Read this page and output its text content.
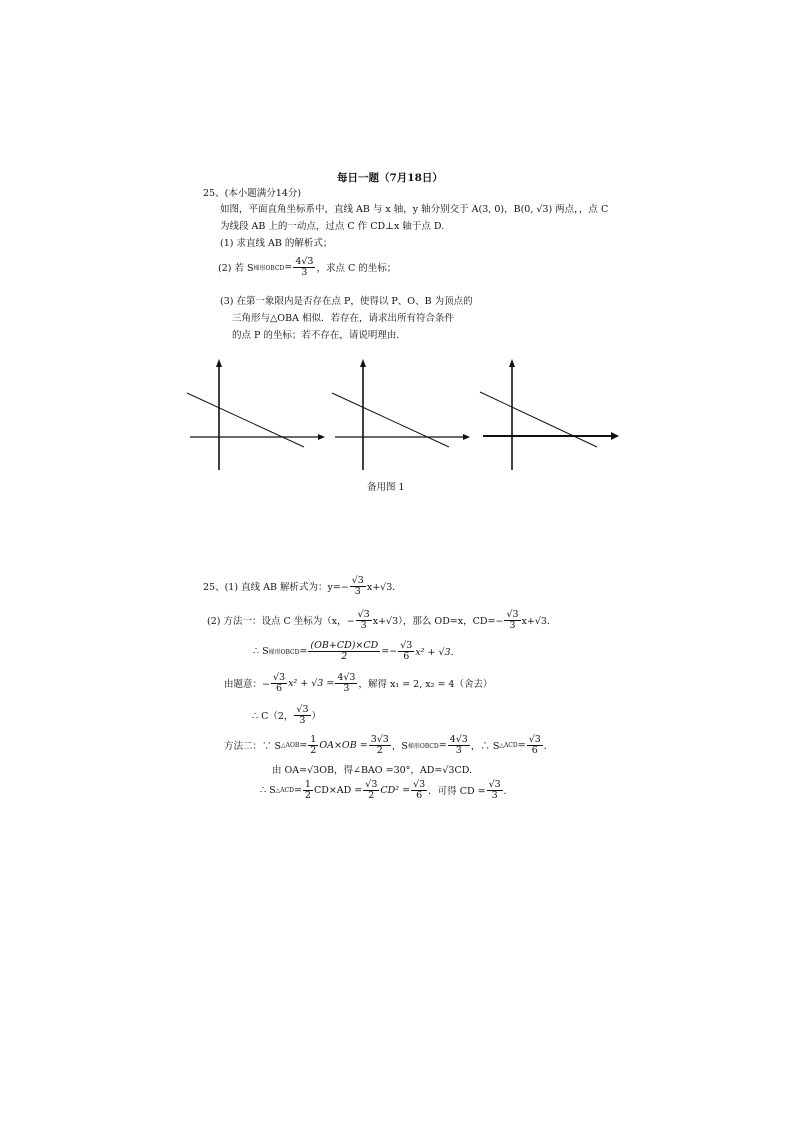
每日一题（7月18日）
25、(本小题满分14分)
如图，平面直角坐标系中，直线 AB 与 x 轴，y 轴分别交于 A(3, 0)，B(0, √3) 两点，，点 C
为线段 AB 上的一动点，过点 C 作 CD⊥x 轴于点 D.
(1) 求直线 AB 的解析式；
(2) 若 S 梯形OBCD = $\frac{4√3}{3}$ ，求点 C 的坐标；
(3) 在第一象限内是否存在点 P，使得以 P、O、B 为顶点的
三角形与△OBA 相似．若存在，请求出所有符合条件
的点 P 的坐标；若不存在，请说明理由．
备用图 1
25、(1) 直线 AB 解析式为：$y=- \frac{√3}{3} x+√3$．
(2) 方法一：设点 C 坐标为（x，− $\frac{√3}{3} x+√3$），那么 OD=x，$CD=- \frac{√3}{3} x+√3$．
∴ S 梯形OBCD = $\frac{(OB+CD)\times CD}{2} =- \frac{√3}{6} x^2 + √3$．
由题意：− $\frac{√3}{6} x^2 + √3 = \frac{4√3}{3}$ ，解得 x₁ = 2, x₂ = 4（舍去）
∴ C（2， $\frac{√3}{3}$ ）
方法二：∵ S △AOB = $\frac{1}{2} OA\times OB = \frac{3√3}{2}$ ，S 梯形OBCD = $\frac{4√3}{3}$ ，∴ S △ACD = $\frac{√3}{6}$ ．
由 OA=√3OB，得∠BAO =30°，AD=√3CD.
∴ S △ACD = $\frac{1}{2} CD\times AD = \frac{√3}{2} CD^2 = \frac{√3}{6}$ ．可得 CD = $\frac{√3}{3}$ ．
